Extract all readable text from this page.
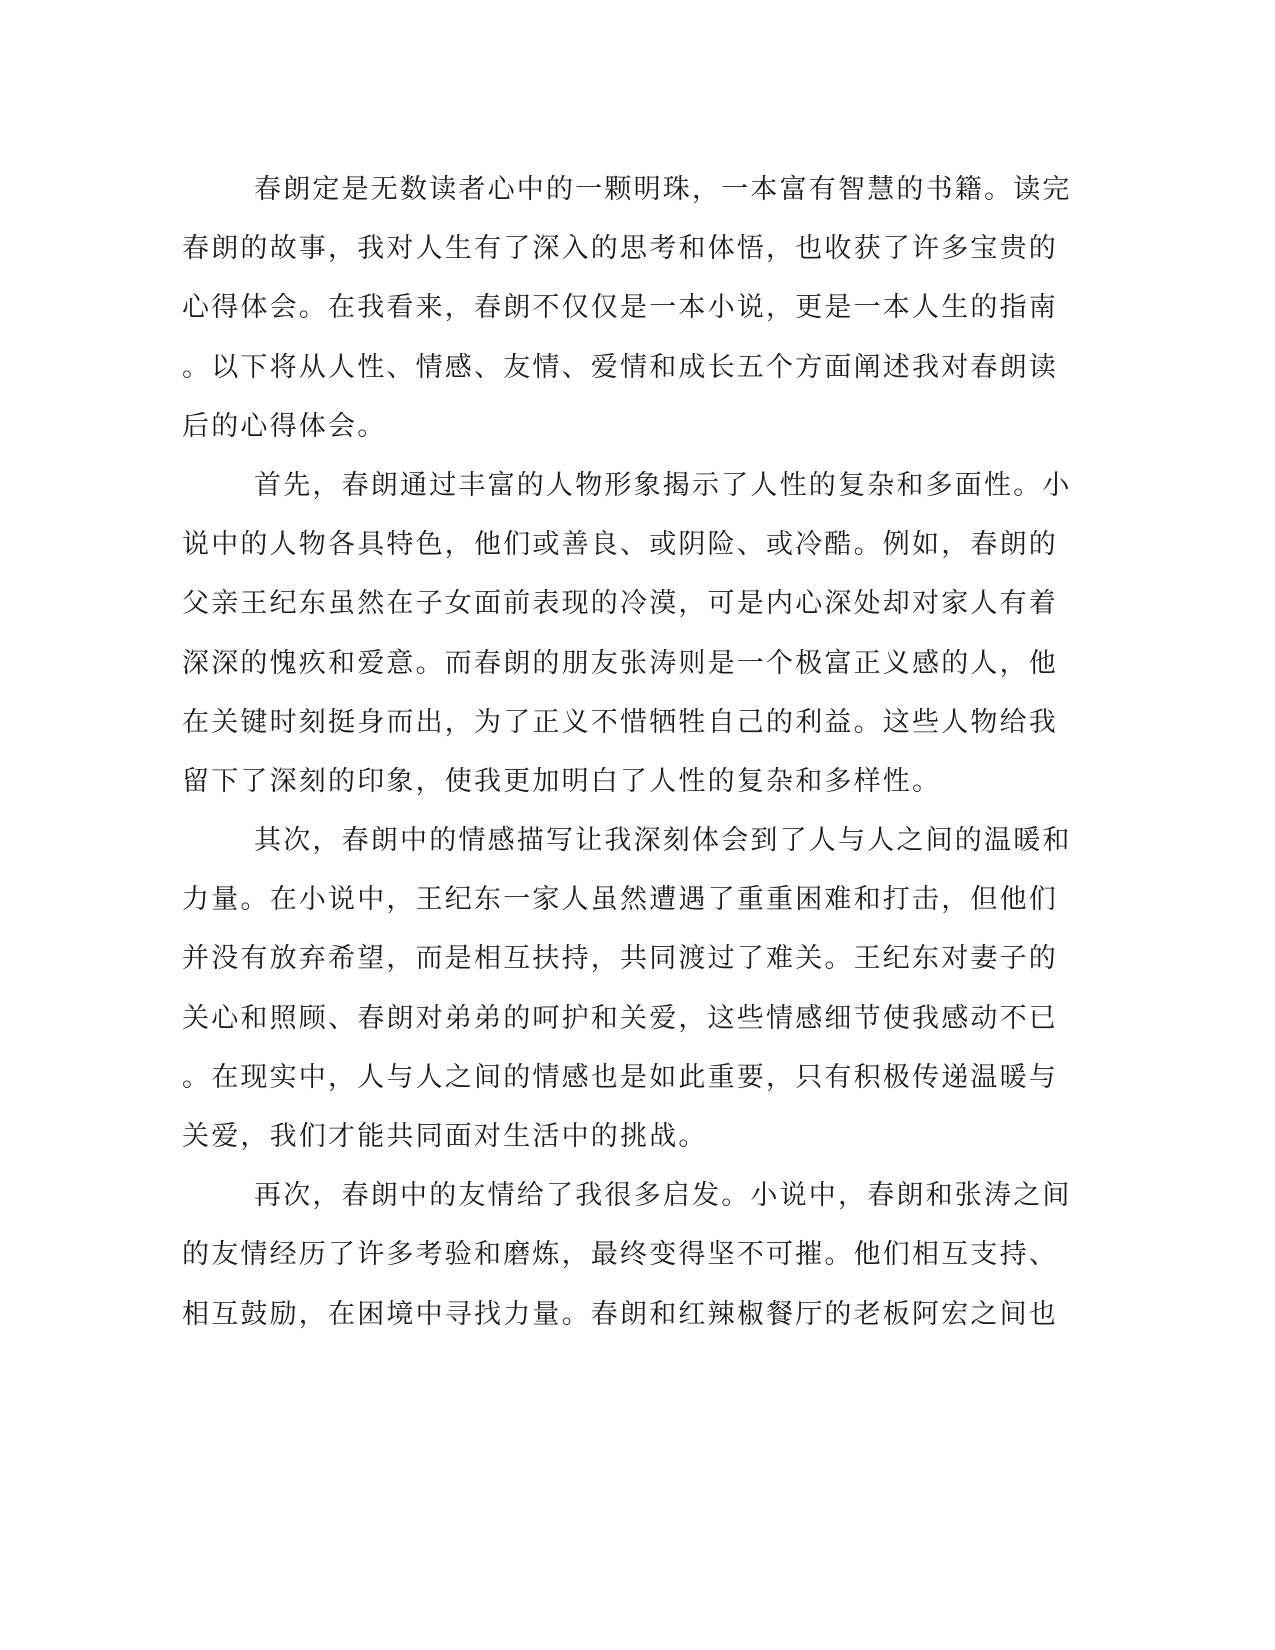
春朗定是无数读者心中的一颗明珠，一本富有智慧的书籍。读完
春朗的故事，我对人生有了深入的思考和体悟，也收获了许多宝贵的
心得体会。在我看来，春朗不仅仅是一本小说，更是一本人生的指南
。以下将从人性、情感、友情、爱情和成长五个方面阐述我对春朗读
后的心得体会。
首先，春朗通过丰富的人物形象揭示了人性的复杂和多面性。小
说中的人物各具特色，他们或善良、或阴险、或冷酷。例如，春朗的
父亲王纪东虽然在子女面前表现的冷漠，可是内心深处却对家人有着
深深的愧疚和爱意。而春朗的朋友张涛则是一个极富正义感的人，他
在关键时刻挺身而出，为了正义不惜牺牲自己的利益。这些人物给我
留下了深刻的印象，使我更加明白了人性的复杂和多样性。
其次，春朗中的情感描写让我深刻体会到了人与人之间的温暖和
力量。在小说中，王纪东一家人虽然遭遇了重重困难和打击，但他们
并没有放弃希望，而是相互扶持，共同渡过了难关。王纪东对妻子的
关心和照顾、春朗对弟弟的呵护和关爱，这些情感细节使我感动不已
。在现实中，人与人之间的情感也是如此重要，只有积极传递温暖与
关爱，我们才能共同面对生活中的挑战。
再次，春朗中的友情给了我很多启发。小说中，春朗和张涛之间
的友情经历了许多考验和磨炼，最终变得坚不可摧。他们相互支持、
相互鼓励，在困境中寻找力量。春朗和红辣椒餐厅的老板阿宏之间也
